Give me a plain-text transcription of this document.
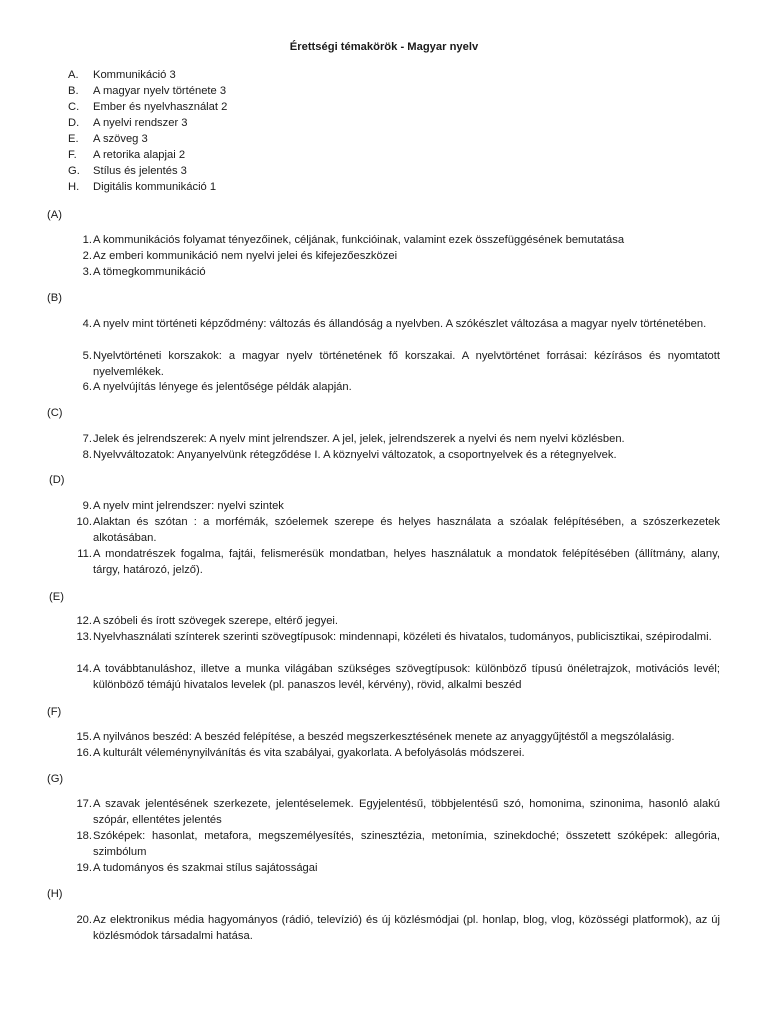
Érettségi témakörök - Magyar nyelv
A.	Kommunikáció 3
B.	A magyar nyelv története 3
C.	Ember és nyelvhasználat 2
D.	A nyelvi rendszer 3
E.	A szöveg 3
F.	A retorika alapjai 2
G.	Stílus és jelentés 3
H.	Digitális kommunikáció 1
(A)
1. A kommunikációs folyamat tényezőinek, céljának, funkcióinak, valamint ezek összefüggésének bemutatása
2. Az emberi kommunikáció nem nyelvi jelei és kifejezőeszközei
3. A tömegkommunikáció
(B)
4. A nyelv mint történeti képződmény: változás és állandóság a nyelvben. A szókészlet változása a magyar nyelv történetében.
5. Nyelvtörténeti korszakok: a magyar nyelv történetének fő korszakai. A nyelvtörténet forrásai: kézírásos és nyomtatott nyelvemlékek.
6. A nyelvújítás lényege és jelentősége példák alapján.
(C)
7. Jelek és jelrendszerek: A nyelv mint jelrendszer. A jel, jelek, jelrendszerek a nyelvi és nem nyelvi közlésben.
8. Nyelvváltozatok: Anyanyelvünk rétegződése I. A köznyelvi változatok, a csoportnyelvek és a rétegnyelvek.
(D)
9. A nyelv mint jelrendszer: nyelvi szintek
10. Alaktan és szótan : a morfémák, szóelemek szerepe és helyes használata a szóalak felépítésében, a szószerkezetek alkotásában.
11. A mondatrészek fogalma, fajtái, felismerésük mondatban, helyes használatuk a mondatok felépítésében (állítmány, alany, tárgy, határozó, jelző).
(E)
12. A szóbeli és írott szövegek szerepe, eltérő jegyei.
13. Nyelvhasználati színterek szerinti szövegtípusok: mindennapi, közéleti és hivatalos, tudományos, publicisztikai, szépirodalmi.
14. A továbbtanuláshoz, illetve a munka világában szükséges szövegtípusok: különböző típusú önéletrajzok, motivációs levél; különböző témájú hivatalos levelek (pl. panaszos levél, kérvény), rövid, alkalmi beszéd
(F)
15. A nyilvános beszéd: A beszéd felépítése, a beszéd megszerkesztésének menete az anyaggyűjtéstől a megszólalásig.
16. A kulturált véleménynyilvánítás és vita szabályai, gyakorlata. A befolyásolás módszerei.
(G)
17. A szavak jelentésének szerkezete, jelentéselemek. Egyjelentésű, többjelentésű szó, homonima, szinonima, hasonló alakú szópár, ellentétes jelentés
18. Szóképek: hasonlat, metafora, megszemélyesítés, szinesztézia, metonímia, szinekdoché; összetett szóképek: allegória, szimbólum
19. A tudományos és szakmai stílus sajátosságai
(H)
20. Az elektronikus média hagyományos (rádió, televízió) és új közlésmódjai (pl. honlap, blog, vlog, közösségi platformok), az új közlésmódok társadalmi hatása.
